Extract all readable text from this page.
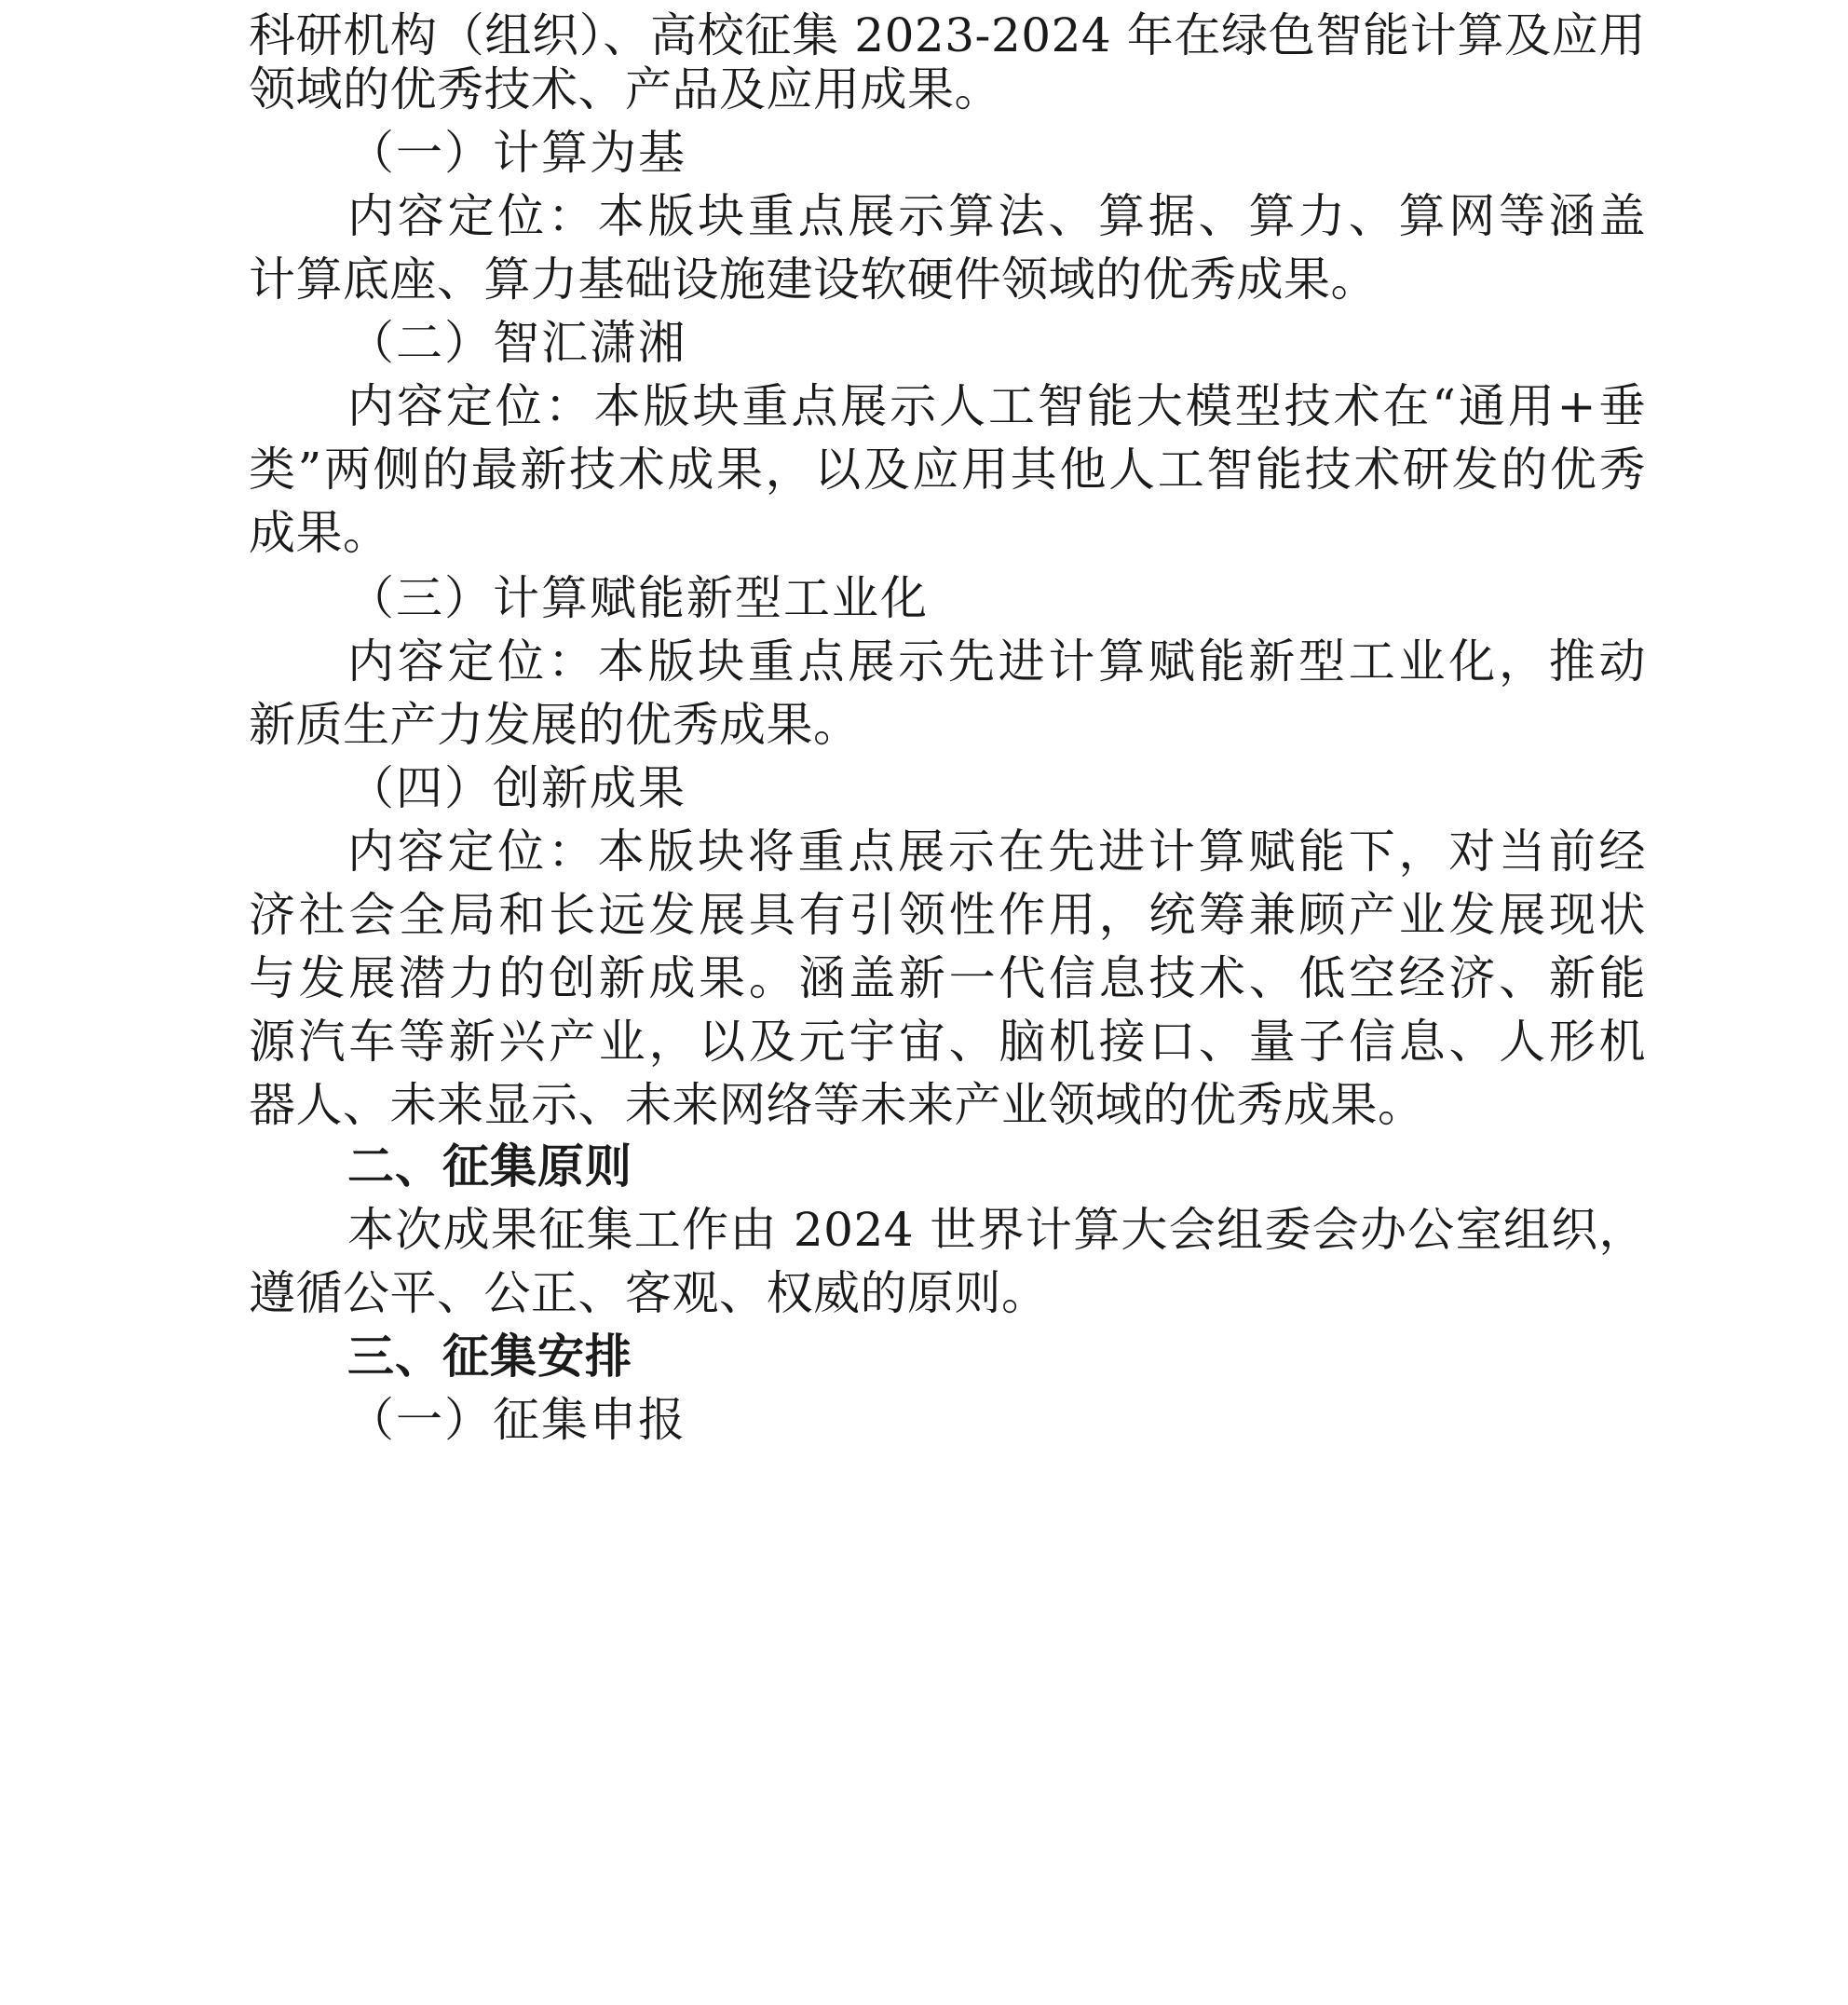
科研机构（组织）、高校征集 2023-2024 年在绿色智能计算及应用
领域的优秀技术、产品及应用成果。
（一）计算为基
内容定位：本版块重点展示算法、算据、算力、算网等涵盖
计算底座、算力基础设施建设软硬件领域的优秀成果。
（二）智汇潇湘
内容定位：本版块重点展示人工智能大模型技术在“通用+垂
类”两侧的最新技术成果，以及应用其他人工智能技术研发的优秀
成果。
（三）计算赋能新型工业化
内容定位：本版块重点展示先进计算赋能新型工业化，推动
新质生产力发展的优秀成果。
（四）创新成果
内容定位：本版块将重点展示在先进计算赋能下，对当前经
济社会全局和长远发展具有引领性作用，统筹兼顾产业发展现状
与发展潜力的创新成果。涵盖新一代信息技术、低空经济、新能
源汽车等新兴产业，以及元宇宙、脑机接口、量子信息、人形机
器人、未来显示、未来网络等未来产业领域的优秀成果。
二、征集原则
本次成果征集工作由 2024 世界计算大会组委会办公室组织，
遵循公平、公正、客观、权威的原则。
三、征集安排
（一）征集申报
